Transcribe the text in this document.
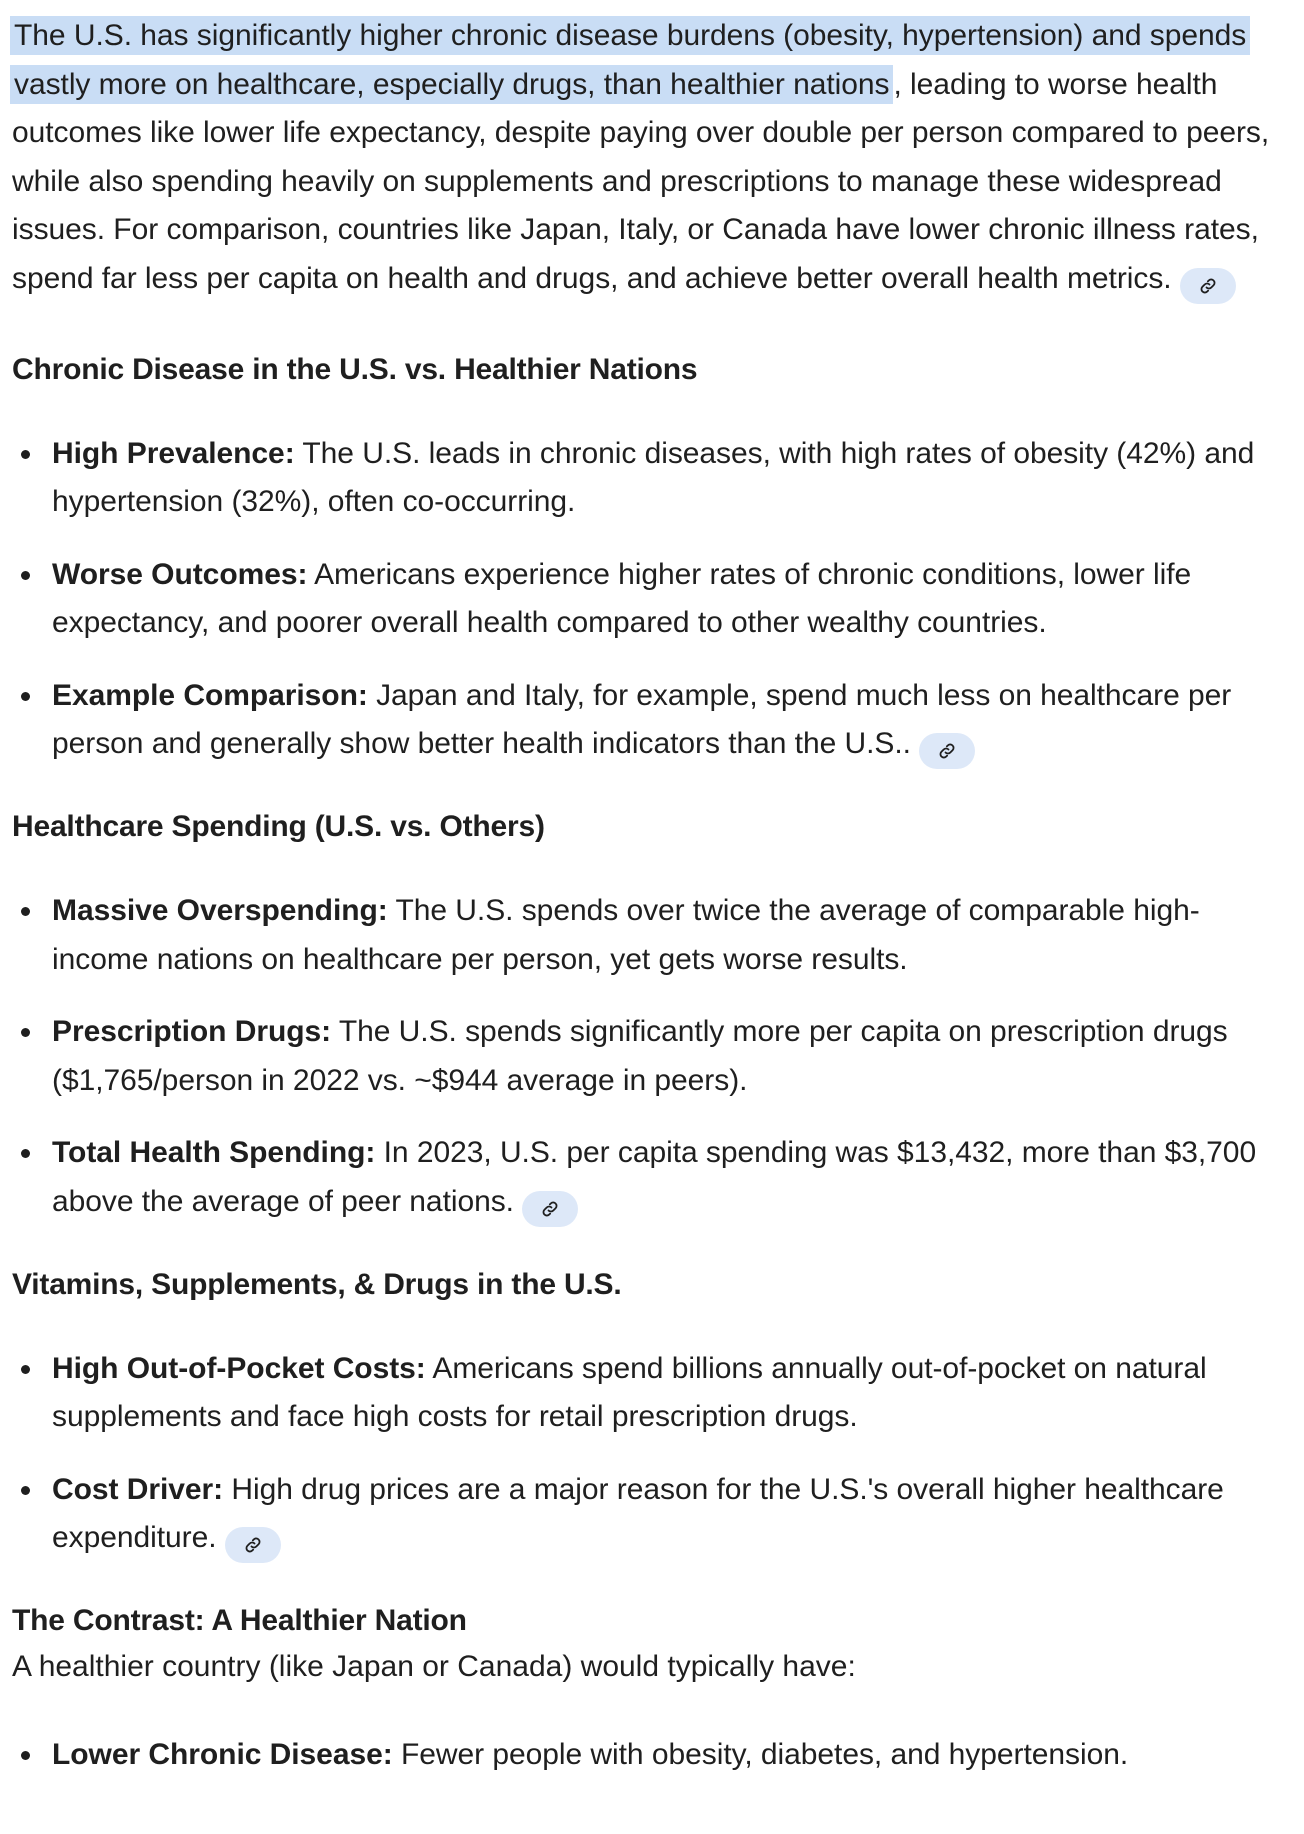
The U.S. has significantly higher chronic disease burdens (obesity, hypertension) and spends vastly more on healthcare, especially drugs, than healthier nations , leading to worse health outcomes like lower life expectancy, despite paying over double per person compared to peers, while also spending heavily on supplements and prescriptions to manage these widespread issues. For comparison, countries like Japan, Italy, or Canada have lower chronic illness rates, spend far less per capita on health and drugs, and achieve better overall health metrics.

Chronic Disease in the U.S. vs. Healthier Nations
High Prevalence: The U.S. leads in chronic diseases, with high rates of obesity (42%) and hypertension (32%), often co-occurring.
Worse Outcomes: Americans experience higher rates of chronic conditions, lower life expectancy, and poorer overall health compared to other wealthy countries.
Example Comparison: Japan and Italy, for example, spend much less on healthcare per person and generally show better health indicators than the U.S..
Healthcare Spending (U.S. vs. Others)
Massive Overspending: The U.S. spends over twice the average of comparable high-income nations on healthcare per person, yet gets worse results.
Prescription Drugs: The U.S. spends significantly more per capita on prescription drugs ($1,765/person in 2022 vs. ~$944 average in peers).
Total Health Spending: In 2023, U.S. per capita spending was $13,432, more than $3,700 above the average of peer nations.
Vitamins, Supplements, & Drugs in the U.S.
High Out-of-Pocket Costs: Americans spend billions annually out-of-pocket on natural supplements and face high costs for retail prescription drugs.
Cost Driver: High drug prices are a major reason for the U.S.'s overall higher healthcare expenditure.
The Contrast: A Healthier Nation

A healthier country (like Japan or Canada) would typically have:

Lower Chronic Disease: Fewer people with obesity, diabetes, and hypertension.
